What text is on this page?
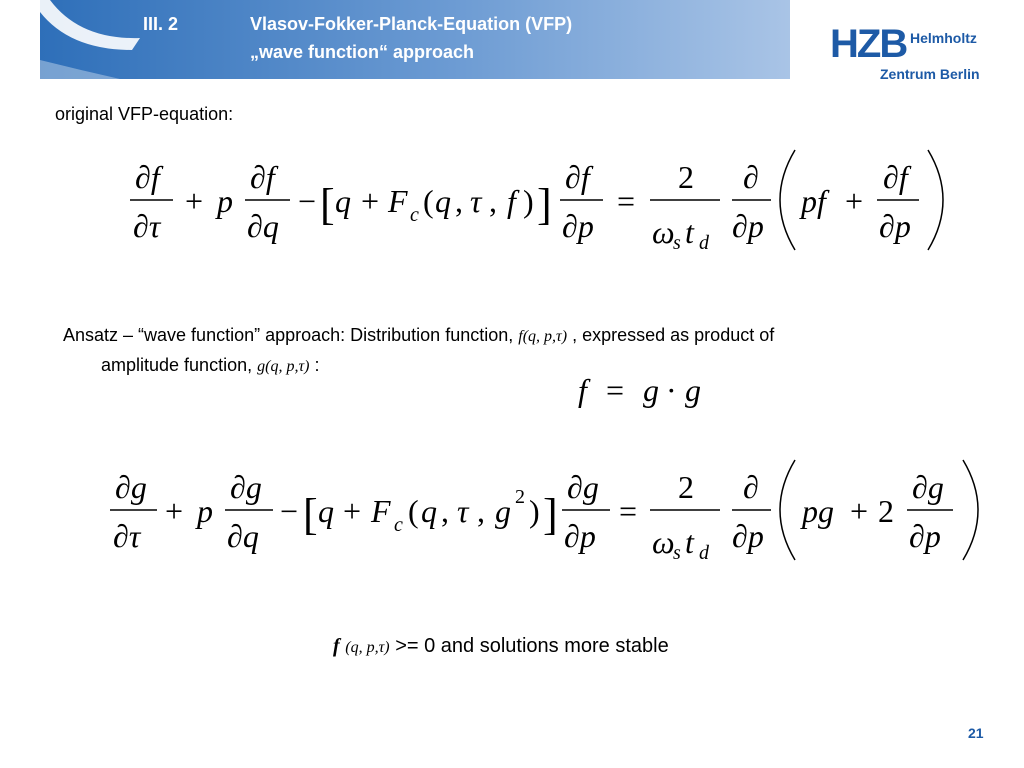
III. 2	Vlasov-Fokker-Planck-Equation (VFP)
„wave function“ approach	HZB Helmholtz
Zentrum Berlin
original VFP-equation:
∂f
∂τ
+ p
∂f
∂q
− [ q + F c ( q , τ , f ) ]
∂f
∂p
=
2
ω
s t d
∂
∂p
pf +
∂f
∂p
Ansatz – “wave function” approach: Distribution function, f(q, p,τ) , expressed as product of
amplitude function, g(q, p,τ) :
f = g · g
∂g
∂τ
+ p
∂g
∂q
− [ q + F c ( q , τ , g 2 ) ]
∂g
∂p
=
2
ω
s t d
∂
∂p
pg + 2
∂g
∂p
f (q, p,τ) >= 0 and solutions more stable
21
